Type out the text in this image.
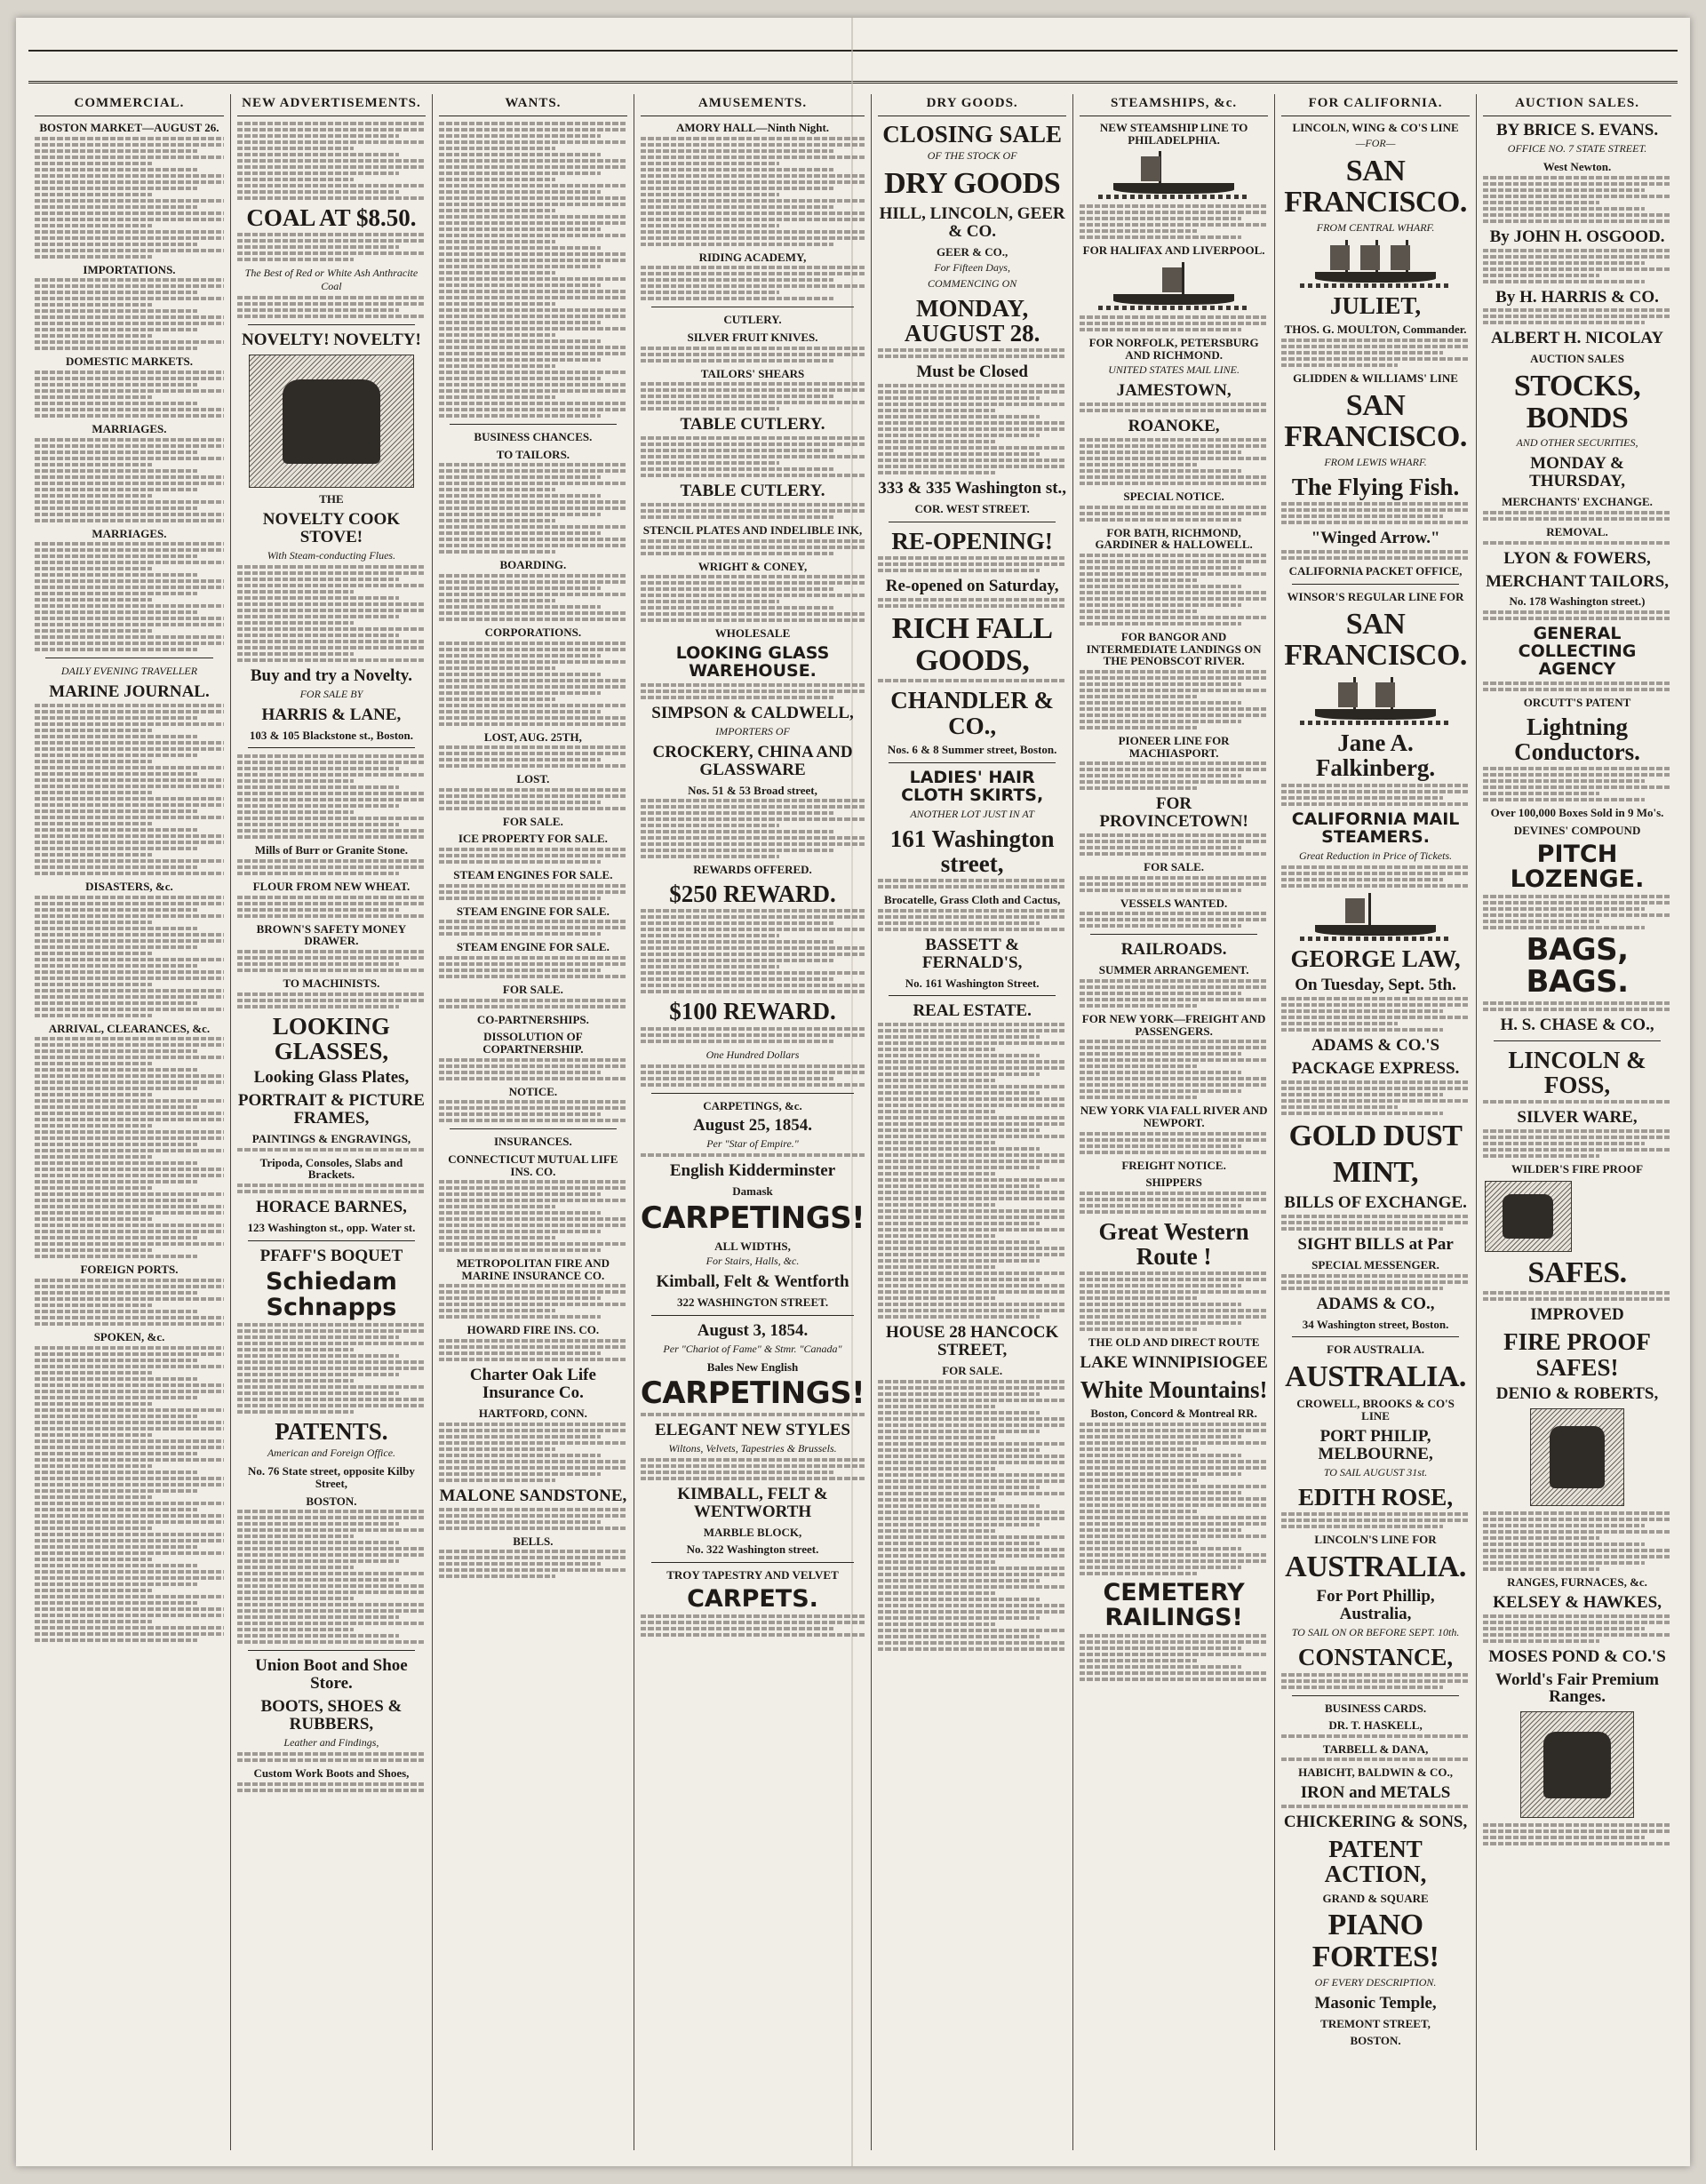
COMMERCIAL.
BOSTON MARKET—AUGUST 26.
IMPORTATIONS.
DOMESTIC MARKETS.
MARRIAGES.
MARRIAGES.
DAILY EVENING TRAVELLER
MARINE JOURNAL.
DISASTERS, &c.
ARRIVAL, CLEARANCES, &c.
FOREIGN PORTS.
SPOKEN, &c.
NEW ADVERTISEMENTS.
COAL AT $8.50.
The Best of Red or White Ash Anthracite Coal
NOVELTY! NOVELTY!
THE
NOVELTY COOK STOVE!
With Steam-conducting Flues.
Buy and try a Novelty.
FOR SALE BY
HARRIS & LANE,
103 & 105 Blackstone st., Boston.
Mills of Burr or Granite Stone.
FLOUR FROM NEW WHEAT.
BROWN'S SAFETY MONEY DRAWER.
TO MACHINISTS.
LOOKING GLASSES,
Looking Glass Plates,
PORTRAIT & PICTURE FRAMES,
PAINTINGS & ENGRAVINGS,
Tripoda, Consoles, Slabs and Brackets.
HORACE BARNES,
123 Washington st., opp. Water st.
PFAFF'S BOQUET
Schiedam Schnapps
PATENTS.
American and Foreign Office.
No. 76 State street, opposite Kilby Street,
BOSTON.
Union Boot and Shoe Store.
BOOTS, SHOES & RUBBERS,
Leather and Findings,
Custom Work Boots and Shoes,
WANTS.
BUSINESS CHANCES.
TO TAILORS.
BOARDING.
CORPORATIONS.
LOST, AUG. 25TH,
LOST.
FOR SALE.
ICE PROPERTY FOR SALE.
STEAM ENGINES FOR SALE.
STEAM ENGINE FOR SALE.
STEAM ENGINE FOR SALE.
FOR SALE.
CO-PARTNERSHIPS.
DISSOLUTION OF COPARTNERSHIP.
NOTICE.
INSURANCES.
CONNECTICUT MUTUAL LIFE INS. CO.
METROPOLITAN FIRE AND MARINE INSURANCE CO.
HOWARD FIRE INS. CO.
Charter Oak Life Insurance Co.
HARTFORD, CONN.
MALONE SANDSTONE,
BELLS.
AMUSEMENTS.
AMORY HALL—Ninth Night.
RIDING ACADEMY,
CUTLERY.
SILVER FRUIT KNIVES.
TAILORS' SHEARS
TABLE CUTLERY.
TABLE CUTLERY.
STENCIL PLATES AND INDELIBLE INK,
WRIGHT & CONEY,
WHOLESALE
LOOKING GLASS WAREHOUSE.
SIMPSON & CALDWELL,
IMPORTERS OF
CROCKERY, CHINA AND GLASSWARE
Nos. 51 & 53 Broad street,
REWARDS OFFERED.
$250 REWARD.
$100 REWARD.
One Hundred Dollars
CARPETINGS, &c.
August 25, 1854.
Per "Star of Empire."
English Kidderminster
Damask
CARPETINGS!
ALL WIDTHS,
For Stairs, Halls, &c.
Kimball, Felt & Wentforth
322 WASHINGTON STREET.
August 3, 1854.
Per "Chariot of Fame" & Stmr. "Canada"
Bales New English
CARPETINGS!
ELEGANT NEW STYLES
Wiltons, Velvets, Tapestries & Brussels.
KIMBALL, FELT & WENTWORTH
MARBLE BLOCK,
No. 322 Washington street.
TROY TAPESTRY AND VELVET
CARPETS.
DRY GOODS.
CLOSING SALE
OF THE STOCK OF
DRY GOODS
HILL, LINCOLN, GEER & CO.
GEER & CO.,
For Fifteen Days,
COMMENCING ON
MONDAY, AUGUST 28.
Must be Closed
333 & 335 Washington st.,
COR. WEST STREET.
RE-OPENING!
Re-opened on Saturday,
RICH FALL GOODS,
CHANDLER & CO.,
Nos. 6 & 8 Summer street, Boston.
LADIES' HAIR CLOTH SKIRTS,
ANOTHER LOT JUST IN AT
161 Washington street,
Brocatelle, Grass Cloth and Cactus,
BASSETT & FERNALD'S,
No. 161 Washington Street.
REAL ESTATE.
HOUSE 28 HANCOCK STREET,
FOR SALE.
STEAMSHIPS, &c.
NEW STEAMSHIP LINE TO PHILADELPHIA.
FOR HALIFAX AND LIVERPOOL.
FOR NORFOLK, PETERSBURG AND RICHMOND.
UNITED STATES MAIL LINE.
JAMESTOWN,
ROANOKE,
SPECIAL NOTICE.
FOR BATH, RICHMOND, GARDINER & HALLOWELL.
FOR BANGOR AND INTERMEDIATE LANDINGS ON THE PENOBSCOT RIVER.
PIONEER LINE FOR MACHIASPORT.
FOR PROVINCETOWN!
FOR SALE.
VESSELS WANTED.
RAILROADS.
SUMMER ARRANGEMENT.
FOR NEW YORK—FREIGHT AND PASSENGERS.
NEW YORK VIA FALL RIVER AND NEWPORT.
FREIGHT NOTICE.
SHIPPERS
Great Western Route !
THE OLD AND DIRECT ROUTE
LAKE WINNIPISIOGEE
White Mountains!
Boston, Concord & Montreal RR.
CEMETERY RAILINGS!
FOR CALIFORNIA.
LINCOLN, WING & CO'S LINE
—FOR—
SAN FRANCISCO.
FROM CENTRAL WHARF.
JULIET,
THOS. G. MOULTON, Commander.
GLIDDEN & WILLIAMS' LINE
SAN FRANCISCO.
FROM LEWIS WHARF.
The Flying Fish.
"Winged Arrow."
CALIFORNIA PACKET OFFICE,
WINSOR'S REGULAR LINE FOR
SAN FRANCISCO.
Jane A. Falkinberg.
CALIFORNIA MAIL STEAMERS.
Great Reduction in Price of Tickets.
GEORGE LAW,
On Tuesday, Sept. 5th.
ADAMS & CO.'S
PACKAGE EXPRESS.
GOLD DUST
MINT,
BILLS OF EXCHANGE.
SIGHT BILLS at Par
SPECIAL MESSENGER.
ADAMS & CO.,
34 Washington street, Boston.
FOR AUSTRALIA.
AUSTRALIA.
CROWELL, BROOKS & CO'S LINE
PORT PHILIP, MELBOURNE,
TO SAIL AUGUST 31st.
EDITH ROSE,
LINCOLN'S LINE FOR
AUSTRALIA.
For Port Phillip, Australia,
TO SAIL ON OR BEFORE SEPT. 10th.
CONSTANCE,
BUSINESS CARDS.
DR. T. HASKELL,
TARBELL & DANA,
HABICHT, BALDWIN & CO.,
IRON and METALS
CHICKERING & SONS,
PATENT ACTION,
GRAND & SQUARE
PIANO FORTES!
OF EVERY DESCRIPTION.
Masonic Temple,
TREMONT STREET,
BOSTON.
AUCTION SALES.
BY BRICE S. EVANS.
OFFICE NO. 7 STATE STREET.
West Newton.
By JOHN H. OSGOOD.
By H. HARRIS & CO.
ALBERT H. NICOLAY
AUCTION SALES
STOCKS, BONDS
AND OTHER SECURITIES,
MONDAY & THURSDAY,
MERCHANTS' EXCHANGE.
REMOVAL.
LYON & FOWERS,
MERCHANT TAILORS,
No. 178 Washington street.)
GENERAL COLLECTING AGENCY
ORCUTT'S PATENT
Lightning Conductors.
Over 100,000 Boxes Sold in 9 Mo's.
DEVINES' COMPOUND
PITCH LOZENGE.
BAGS, BAGS.
H. S. CHASE & CO.,
LINCOLN & FOSS,
SILVER WARE,
WILDER'S FIRE PROOF
SAFES.
IMPROVED
FIRE PROOF SAFES!
DENIO & ROBERTS,
RANGES, FURNACES, &c.
KELSEY & HAWKES,
MOSES POND & CO.'S
World's Fair Premium Ranges.
